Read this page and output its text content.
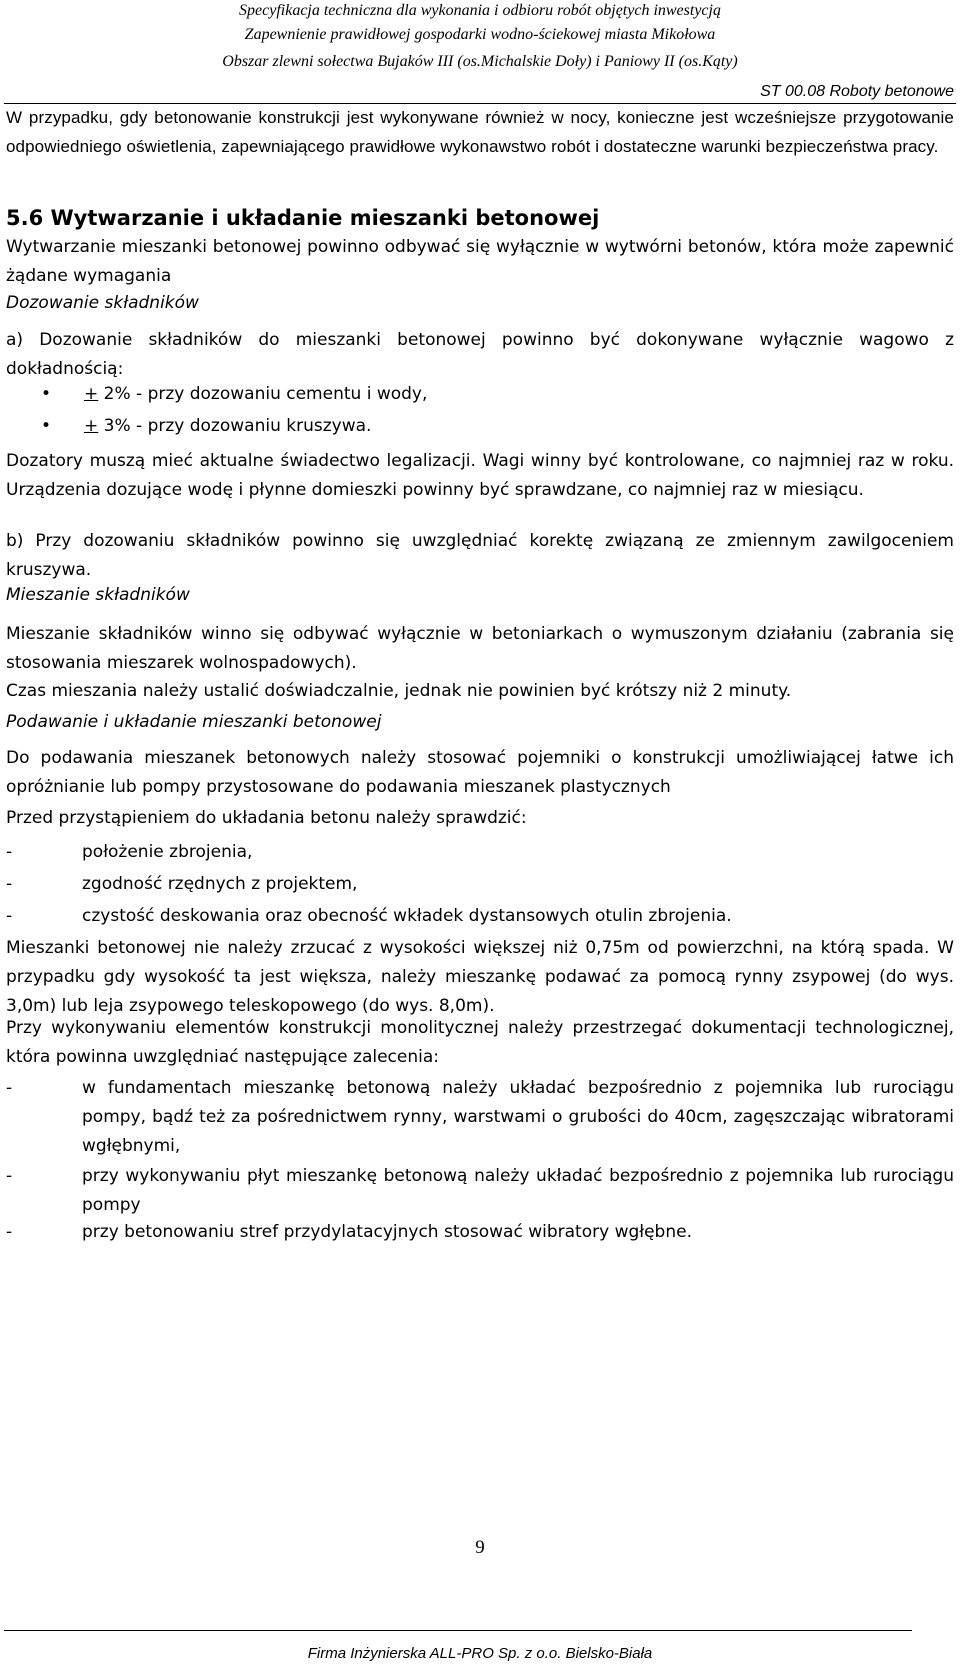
Specyfikacja techniczna dla wykonania i odbioru robót objętych inwestycją
Zapewnienie prawidłowej gospodarki wodno-ściekowej miasta Mikołowa
Obszar zlewni sołectwa Bujaków III (os.Michalskie Doły) i Paniowy II (os.Kąty)
ST 00.08 Roboty betonowe
W przypadku, gdy betonowanie konstrukcji jest wykonywane również w nocy, konieczne jest wcześniejsze przygotowanie odpowiedniego oświetlenia, zapewniającego prawidłowe wykonawstwo robót i dostateczne warunki bezpieczeństwa pracy.
5.6 Wytwarzanie i układanie mieszanki betonowej
Wytwarzanie mieszanki betonowej powinno odbywać się wyłącznie w wytwórni betonów, która może zapewnić żądane wymagania
Dozowanie składników
a) Dozowanie składników do mieszanki betonowej powinno być dokonywane wyłącznie wagowo z dokładnością:
• + 2% - przy dozowaniu cementu i wody,
• + 3% - przy dozowaniu kruszywa.
Dozatory muszą mieć aktualne świadectwo legalizacji. Wagi winny być kontrolowane, co najmniej raz w roku. Urządzenia dozujące wodę i płynne domieszki powinny być sprawdzane, co najmniej raz w miesiącu.
b) Przy dozowaniu składników powinno się uwzględniać korektę związaną ze zmiennym zawilgoceniem kruszywa.
Mieszanie składników
Mieszanie składników winno się odbywać wyłącznie w betoniarkach o wymuszonym działaniu (zabrania się stosowania mieszarek wolnospadowych).
Czas mieszania należy ustalić doświadczalnie, jednak nie powinien być krótszy niż 2 minuty.
Podawanie i układanie mieszanki betonowej
Do podawania mieszanek betonowych należy stosować pojemniki o konstrukcji umożliwiającej łatwe ich opróżnianie lub pompy przystosowane do podawania mieszanek plastycznych
Przed przystąpieniem do układania betonu należy sprawdzić:
-	położenie zbrojenia,
-	zgodność rzędnych z projektem,
-	czystość deskowania oraz obecność wkładek dystansowych otulin zbrojenia.
Mieszanki betonowej nie należy zrzucać z wysokości większej niż 0,75m od powierzchni, na którą spada. W przypadku gdy wysokość ta jest większa, należy mieszankę podawać za pomocą rynny zsypowej (do wys. 3,0m) lub leja zsypowego teleskopowego (do wys. 8,0m).
Przy wykonywaniu elementów konstrukcji monolitycznej należy przestrzegać dokumentacji technologicznej, która powinna uwzględniać następujące zalecenia:
-	w fundamentach mieszankę betonową należy układać bezpośrednio z pojemnika lub rurociągu pompy, bądź też za pośrednictwem rynny, warstwami o grubości do 40cm, zagęszczając wibratorami wgłębnymi,
-	przy wykonywaniu płyt mieszankę betonową należy układać bezpośrednio z pojemnika lub rurociągu pompy
-	przy betonowaniu stref przydylatacyjnych stosować wibratory wgłębne.
9
Firma Inżynierska ALL-PRO Sp. z o.o. Bielsko-Biała
